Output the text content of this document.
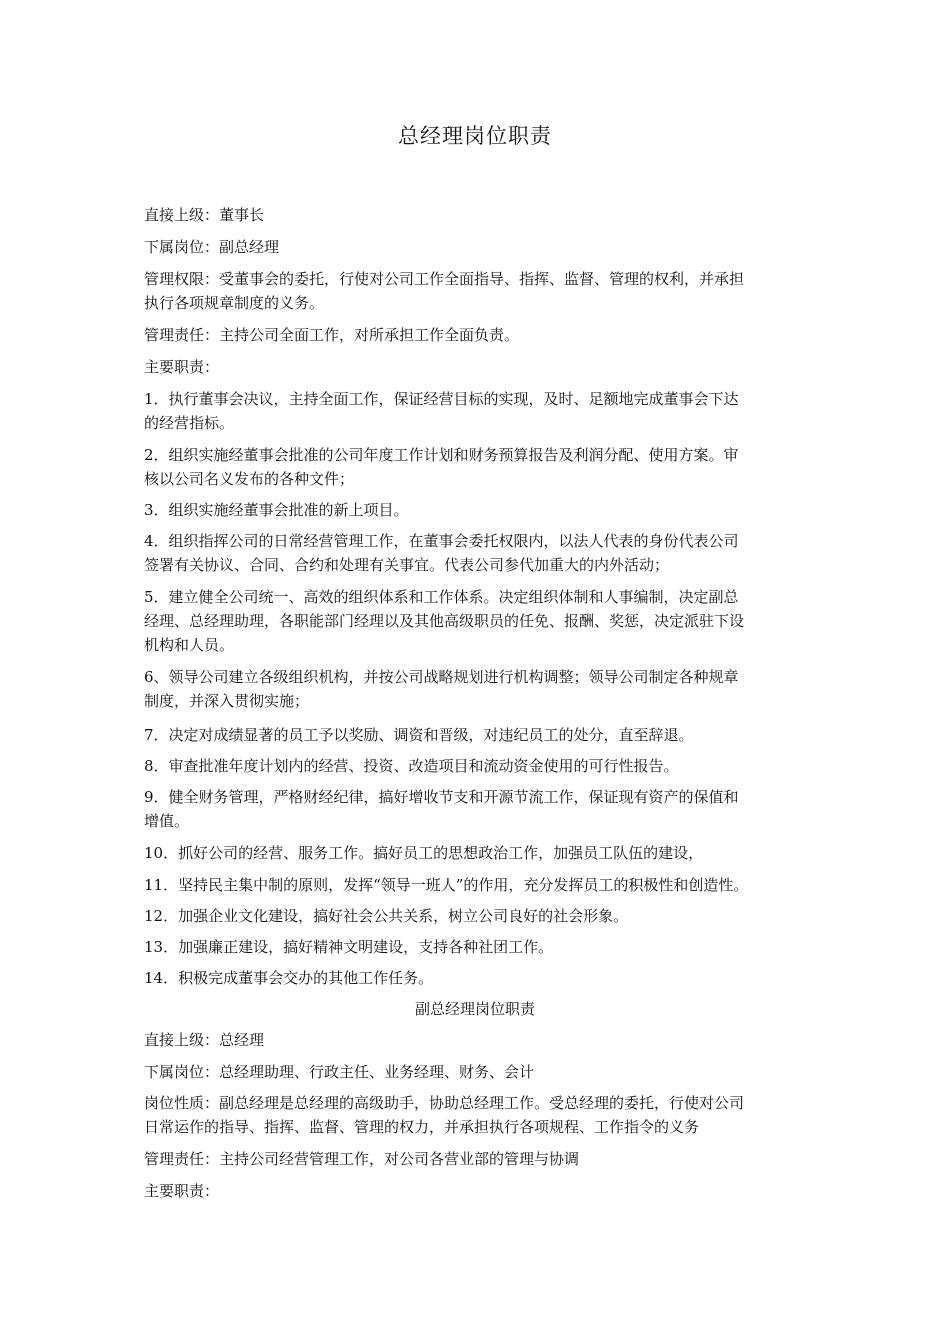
总经理岗位职责
直接上级：董事长
下属岗位：副总经理
管理权限：受董事会的委托，行使对公司工作全面指导、指挥、监督、管理的权利，并承担
执行各项规章制度的义务。
管理责任：主持公司全面工作，对所承担工作全面负责。
主要职责：
1．执行董事会决议，主持全面工作，保证经营目标的实现，及时、足额地完成董事会下达
的经营指标。
2．组织实施经董事会批准的公司年度工作计划和财务预算报告及利润分配、使用方案。审
核以公司名义发布的各种文件；
3．组织实施经董事会批准的新上项目。
4．组织指挥公司的日常经营管理工作，在董事会委托权限内，以法人代表的身份代表公司
签署有关协议、合同、合约和处理有关事宜。代表公司参代加重大的内外活动；
5．建立健全公司统一、高效的组织体系和工作体系。决定组织体制和人事编制，决定副总
经理、总经理助理，各职能部门经理以及其他高级职员的任免、报酬、奖惩，决定派驻下设
机构和人员。
6、领导公司建立各级组织机构，并按公司战略规划进行机构调整；领导公司制定各种规章
制度，并深入贯彻实施；
7．决定对成绩显著的员工予以奖励、调资和晋级，对违纪员工的处分，直至辞退。
8．审查批准年度计划内的经营、投资、改造项目和流动资金使用的可行性报告。
9．健全财务管理，严格财经纪律，搞好增收节支和开源节流工作，保证现有资产的保值和
增值。
10．抓好公司的经营、服务工作。搞好员工的思想政治工作，加强员工队伍的建设，
11．坚持民主集中制的原则，发挥“领导一班人”的作用，充分发挥员工的积极性和创造性。
12．加强企业文化建设，搞好社会公共关系，树立公司良好的社会形象。
13．加强廉正建设，搞好精神文明建设，支持各种社团工作。
14．积极完成董事会交办的其他工作任务。
副总经理岗位职责
直接上级：总经理
下属岗位：总经理助理、行政主任、业务经理、财务、会计
岗位性质：副总经理是总经理的高级助手，协助总经理工作。受总经理的委托，行使对公司
日常运作的指导、指挥、监督、管理的权力，并承担执行各项规程、工作指令的义务
管理责任：主持公司经营管理工作，对公司各营业部的管理与协调
主要职责：
